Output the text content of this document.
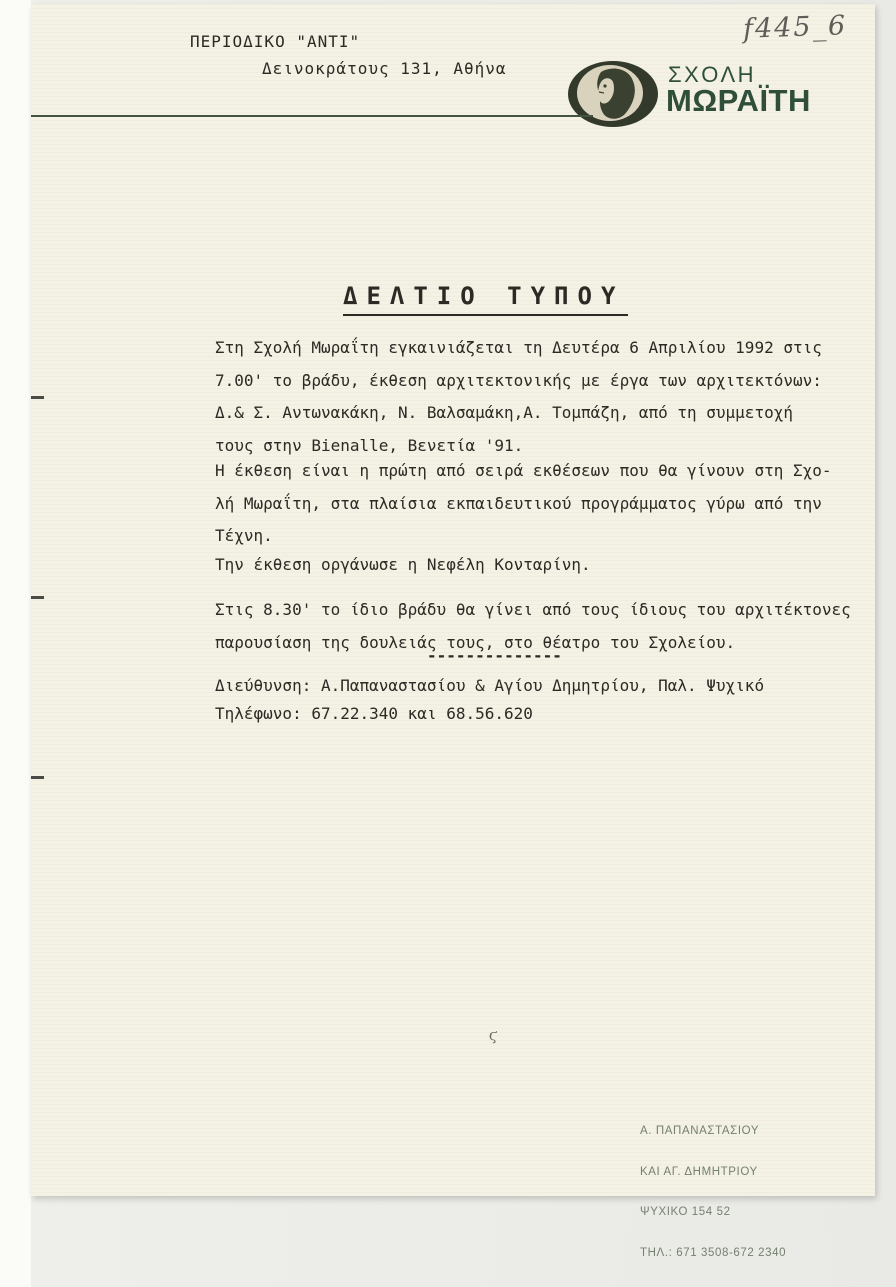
ΠΕΡΙΟΔΙΚΟ "ΑΝΤΙ"
Δεινοκράτους 131, Αθήνα
f445_6
ΣΧΟΛΗ
ΜΩΡΑΪΤΗ
ΔΕΛΤΙΟ ΤΥΠΟΥ
Στη Σχολή Μωραΐτη εγκαινιάζεται τη Δευτέρα 6 Απριλίου 1992 στις
7.00' το βράδυ, έκθεση αρχιτεκτονικής με έργα των αρχιτεκτόνων:
Δ.& Σ. Αντωνακάκη, Ν. Βαλσαμάκη,Α. Τομπάζη, από τη συμμετοχή
τους στην Bienalle, Βενετία '91.
Η έκθεση είναι η πρώτη από σειρά εκθέσεων που θα γίνουν στη Σχο-
λή Μωραΐτη, στα πλαίσια εκπαιδευτικού προγράμματος γύρω από την
Τέχνη.
Την έκθεση οργάνωσε η Νεφέλη Κονταρίνη.
Στις 8.30' το ίδιο βράδυ θα γίνει από τους ίδιους του αρχιτέκτονες
παρουσίαση της δουλειάς τους, στο θέατρο του Σχολείου.
--------------
Διεύθυνση: Α.Παπαναστασίου & Αγίου Δημητρίου, Παλ. Ψυχικό
Τηλέφωνο: 67.22.340 και 68.56.620
ϛ

Α. ΠΑΠΑΝΑΣΤΑΣΙΟΥ

ΚΑΙ ΑΓ. ΔΗΜΗΤΡΙΟΥ

ΨΥΧΙΚΟ 154 52

ΤΗΛ.: 671 3508-672 2340
